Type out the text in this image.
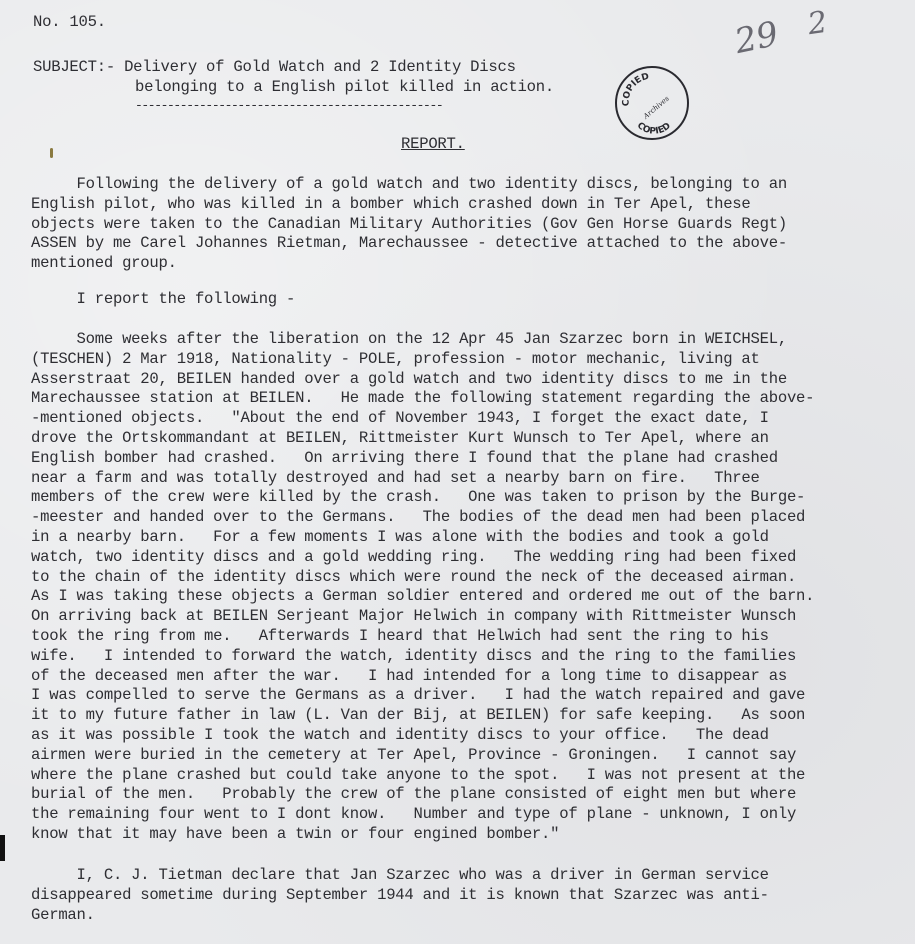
No. 105.
SUBJECT:- Delivery of Gold Watch and 2 Identity Discs
belonging to a English pilot killed in action.
------------------------------------------------	COPIED
Archives
COPIED
29 2
REPORT.
Following the delivery of a gold watch and two identity discs, belonging to an
English pilot, who was killed in a bomber which crashed down in Ter Apel, these
objects were taken to the Canadian Military Authorities (Gov Gen Horse Guards Regt)
ASSEN by me Carel Johannes Rietman, Marechaussee - detective attached to the above-
mentioned group.
I report the following -
Some weeks after the liberation on the 12 Apr 45 Jan Szarzec born in WEICHSEL,
(TESCHEN) 2 Mar 1918, Nationality - POLE, profession - motor mechanic, living at
Asserstraat 20, BEILEN handed over a gold watch and two identity discs to me in the
Marechaussee station at BEILEN.   He made the following statement regarding the above-
-mentioned objects.   "About the end of November 1943, I forget the exact date, I
drove the Ortskommandant at BEILEN, Rittmeister Kurt Wunsch to Ter Apel, where an
English bomber had crashed.   On arriving there I found that the plane had crashed
near a farm and was totally destroyed and had set a nearby barn on fire.   Three
members of the crew were killed by the crash.   One was taken to prison by the Burge-
-meester and handed over to the Germans.   The bodies of the dead men had been placed
in a nearby barn.   For a few moments I was alone with the bodies and took a gold
watch, two identity discs and a gold wedding ring.   The wedding ring had been fixed
to the chain of the identity discs which were round the neck of the deceased airman.
As I was taking these objects a German soldier entered and ordered me out of the barn.
On arriving back at BEILEN Serjeant Major Helwich in company with Rittmeister Wunsch
took the ring from me.   Afterwards I heard that Helwich had sent the ring to his
wife.   I intended to forward the watch, identity discs and the ring to the families
of the deceased men after the war.   I had intended for a long time to disappear as
I was compelled to serve the Germans as a driver.   I had the watch repaired and gave
it to my future father in law (L. Van der Bij, at BEILEN) for safe keeping.   As soon
as it was possible I took the watch and identity discs to your office.   The dead
airmen were buried in the cemetery at Ter Apel, Province - Groningen.   I cannot say
where the plane crashed but could take anyone to the spot.   I was not present at the
burial of the men.   Probably the crew of the plane consisted of eight men but where
the remaining four went to I dont know.   Number and type of plane - unknown, I only
know that it may have been a twin or four engined bomber."
I, C. J. Tietman declare that Jan Szarzec who was a driver in German service
disappeared sometime during September 1944 and it is known that Szarzec was anti-
German.
